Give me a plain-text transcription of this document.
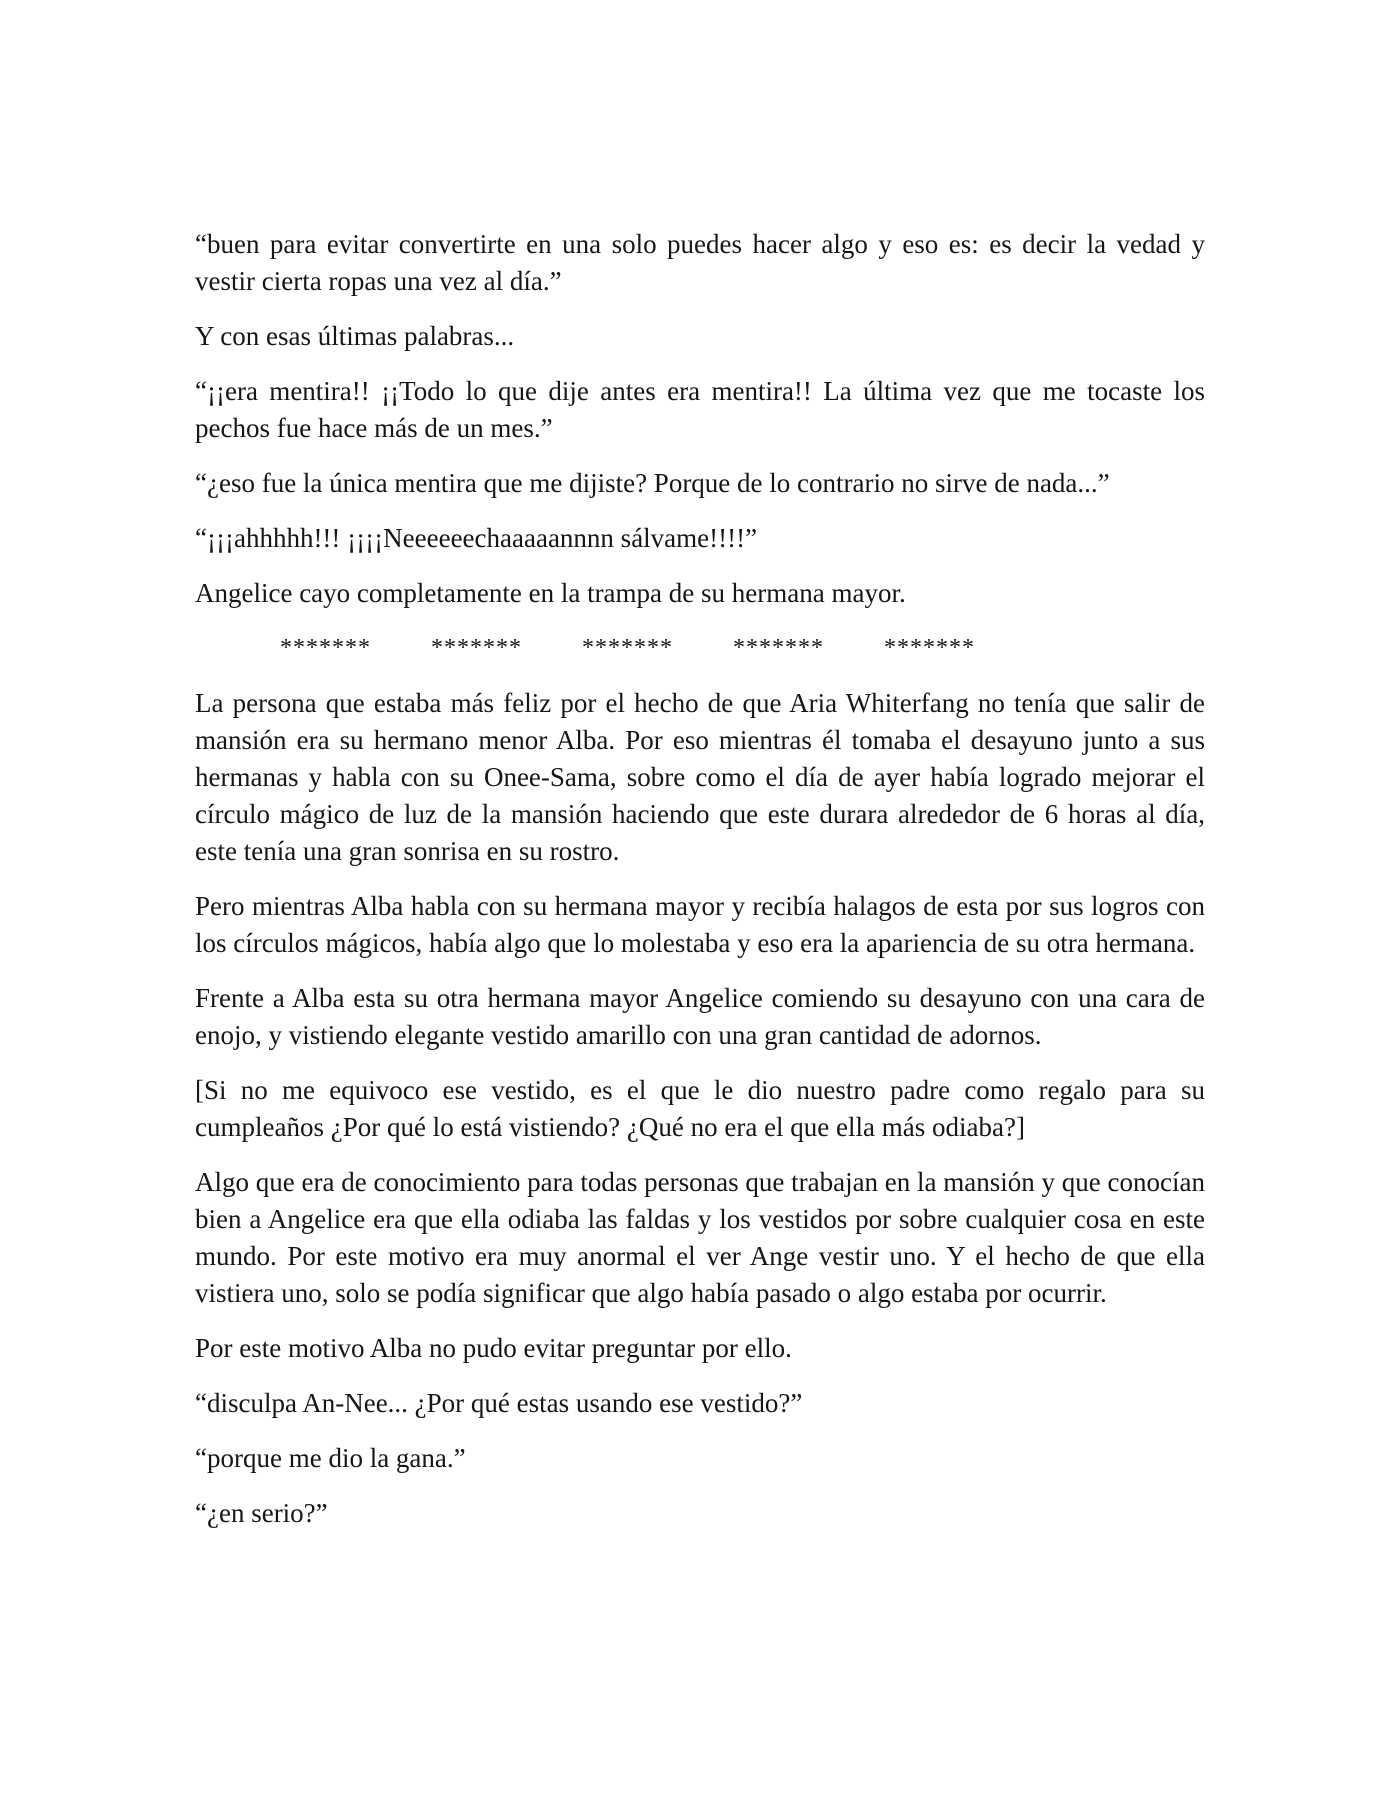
“buen para evitar convertirte en una solo puedes hacer algo y eso es: es decir la vedad y vestir cierta ropas una vez al día.”

Y con esas últimas palabras...

“¡¡era mentira!! ¡¡Todo lo que dije antes era mentira!! La última vez que me tocaste los pechos fue hace más de un mes.”

“¿eso fue la única mentira que me dijiste? Porque de lo contrario no sirve de nada...”

“¡¡¡ahhhhh!!! ¡¡¡¡Neeeeeechaaaaannnn sálvame!!!!”

Angelice cayo completamente en la trampa de su hermana mayor.

*******	*******	*******	*******	*******

La persona que estaba más feliz por el hecho de que Aria Whiterfang no tenía que salir de mansión era su hermano menor Alba. Por eso mientras él tomaba el desayuno junto a sus hermanas y habla con su Onee-Sama, sobre como el día de ayer había logrado mejorar el círculo mágico de luz de la mansión haciendo que este durara alrededor de 6 horas al día, este tenía una gran sonrisa en su rostro.

Pero mientras Alba habla con su hermana mayor y recibía halagos de esta por sus logros con los círculos mágicos, había algo que lo molestaba y eso era la apariencia de su otra hermana.

Frente a Alba esta su otra hermana mayor Angelice comiendo su desayuno con una cara de enojo, y vistiendo elegante vestido amarillo con una gran cantidad de adornos.

[Si no me equivoco ese vestido, es el que le dio nuestro padre como regalo para su cumpleaños ¿Por qué lo está vistiendo? ¿Qué no era el que ella más odiaba?]

Algo que era de conocimiento para todas personas que trabajan en la mansión y que conocían bien a Angelice era que ella odiaba las faldas y los vestidos por sobre cualquier cosa en este mundo. Por este motivo era muy anormal el ver Ange vestir uno. Y el hecho de que ella vistiera uno, solo se podía significar que algo había pasado o algo estaba por ocurrir.

Por este motivo Alba no pudo evitar preguntar por ello.

“disculpa An-Nee... ¿Por qué estas usando ese vestido?”

“porque me dio la gana.”

“¿en serio?”
